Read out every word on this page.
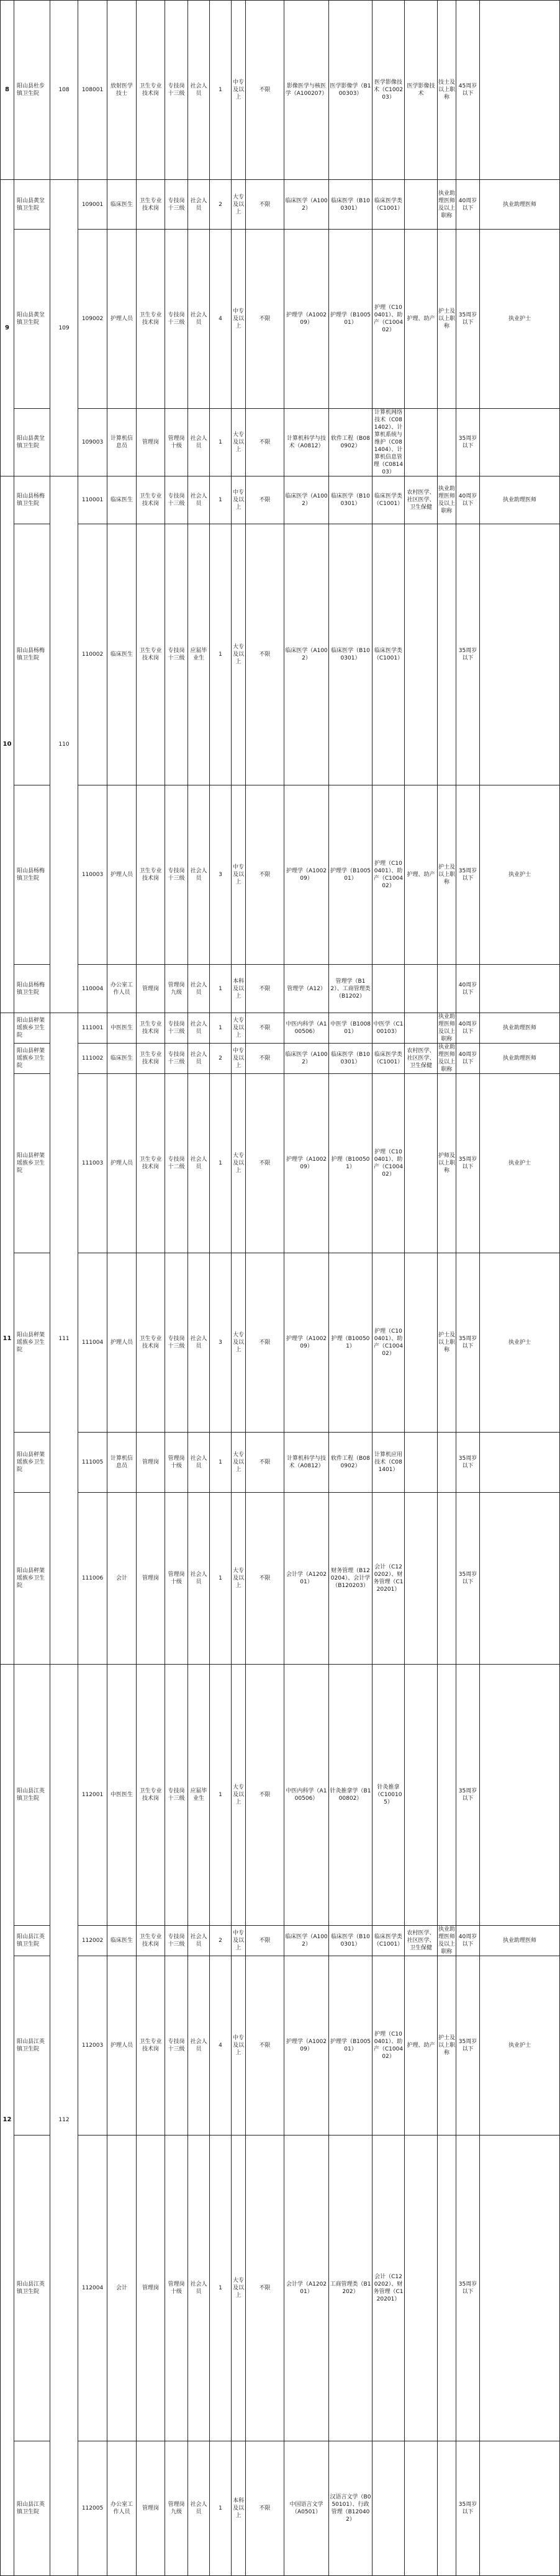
8	阳山县杜步镇卫生院	108	108001	放射医学技士	卫生专业技术岗	专技岗十三级	社会人员	1	中专及以上	不限	影像医学与核医学（A100207）	医学影像学（B100303）	医学影像技术（C100203）	医学影像技术	技士及以上职称	45周岁以下		
9	阳山县黄坌镇卫生院	109	109001	临床医生	卫生专业技术岗	专技岗十三级	社会人员	2	大专及以上	不限	临床医学（A1002）	临床医学（B100301）	临床医学类（C1001）		执业助理医师及以上职称	40周岁以下	执业助理医师	
	阳山县黄坌镇卫生院		109002	护理人员	卫生专业技术岗	专技岗十三级	社会人员	4	中专及以上	不限	护理学（A100209）	护理学（B100501）	护理（C100401）、助产（C100402）	护理、助产	护士及以上职称	35周岁以下	执业护士	
	阳山县黄坌镇卫生院		109003	计算机信息员	管理岗	管理岗十级	社会人员	1	大专及以上	不限	计算机科学与技术（A0812）	软件工程（B080902）	计算机网络技术（C081402）、计算机系统与维护（C081404）、计算机信息管理（C081403）			35周岁以下		
10	阳山县杨梅镇卫生院	110	110001	临床医生	卫生专业技术岗	专技岗十三级	社会人员	1	中专及以上	不限	临床医学（A1002）	临床医学（B100301）	临床医学类（C1001）	农村医学、社区医学、卫生保健	执业助理医师及以上职称	40周岁以下	执业助理医师	
	阳山县杨梅镇卫生院		110002	临床医生	卫生专业技术岗	专技岗十三级	应届毕业生	1	大专及以上	不限	临床医学（A1002）	临床医学（B100301）	临床医学类（C1001）			35周岁以下		
	阳山县杨梅镇卫生院		110003	护理人员	卫生专业技术岗	专技岗十三级	社会人员	3	中专及以上	不限	护理学（A100209）	护理学（B100501）	护理（C100401）、助产（C100402）	护理、助产	护士及以上职称	35周岁以下	执业护士	
	阳山县杨梅镇卫生院		110004	办公室工作人员	管理岗	管理岗九级	社会人员	1	本科及以上	不限	管理学（A12）	管理学（B12）、工商管理类（B1202）				40周岁以下		
11	阳山县秤架瑶族乡卫生院	111	111001	中医医生	卫生专业技术岗	专技岗十三级	社会人员	1	大专及以上	不限	中医内科学（A100506）	中医学（B100801）	中医学（C100103）		执业助理医师及以上职称	40周岁以下	执业助理医师	
	阳山县秤架瑶族乡卫生院		111002	临床医生	卫生专业技术岗	专技岗十三级	社会人员	2	中专及以上	不限	临床医学（A1002）	临床医学（B100301）	临床医学类（C1001）	农村医学、社区医学、卫生保健	执业助理医师及以上职称	40周岁以下	执业助理医师	
	阳山县秤架瑶族乡卫生院		111003	护理人员	卫生专业技术岗	专技岗十二级	社会人员	1	大专及以上	不限	护理学（A100209）	护理（B100501）	护理（C100401）、助产（C100402）		护师及以上职称	35周岁以下	执业护士	
	阳山县秤架瑶族乡卫生院		111004	护理人员	卫生专业技术岗	专技岗十三级	社会人员	3	大专及以上	不限	护理学（A100209）	护理（B100501）	护理（C100401）、助产（C100402）		护士及以上职称	35周岁以下	执业护士	
	阳山县秤架瑶族乡卫生院		111005	计算机信息员	管理岗	管理岗十级	社会人员	1	大专及以上	不限	计算机科学与技术（A0812）	软件工程（B080902）	计算机应用技术（C081401）			35周岁以下		
	阳山县秤架瑶族乡卫生院		111006	会计	管理岗	管理岗十级	社会人员	1	大专及以上	不限	会计学（A120201）	财务管理（B120204）、会计学（B120203）	会计（C120202）、财务管理（C120201）			35周岁以下		
12	阳山县江英镇卫生院	112	112001	中医医生	卫生专业技术岗	专技岗十三级	应届毕业生	1	大专及以上	不限	中医内科学（A100506）	针灸推拿学（B100802）	针灸推拿（C100105）			35周岁以下		
	阳山县江英镇卫生院		112002	临床医生	卫生专业技术岗	专技岗十三级	社会人员	2	中专及以上	不限	临床医学（A1002）	临床医学（B100301）	临床医学类（C1001）	农村医学、社区医学、卫生保健	执业助理医师及以上职称	40周岁以下	执业助理医师	
	阳山县江英镇卫生院		112003	护理人员	卫生专业技术岗	专技岗十三级	社会人员	4	中专及以上	不限	护理学（A100209）	护理学（B100501）	护理（C100401）、助产（C100402）	护理、助产	护士及以上职称	35周岁以下	执业护士	
	阳山县江英镇卫生院		112004	会计	管理岗	管理岗十级	社会人员	1	大专及以上	不限	会计学（A120201）	工商管理类（B1202）	会计（C120202）、财务管理（C120201）			35周岁以下		
	阳山县江英镇卫生院		112005	办公室工作人员	管理岗	管理岗九级	社会人员	1	本科及以上	不限	中国语言文学（A0501）	汉语言文学（B050101）、行政管理（B120402）				35周岁以下		
